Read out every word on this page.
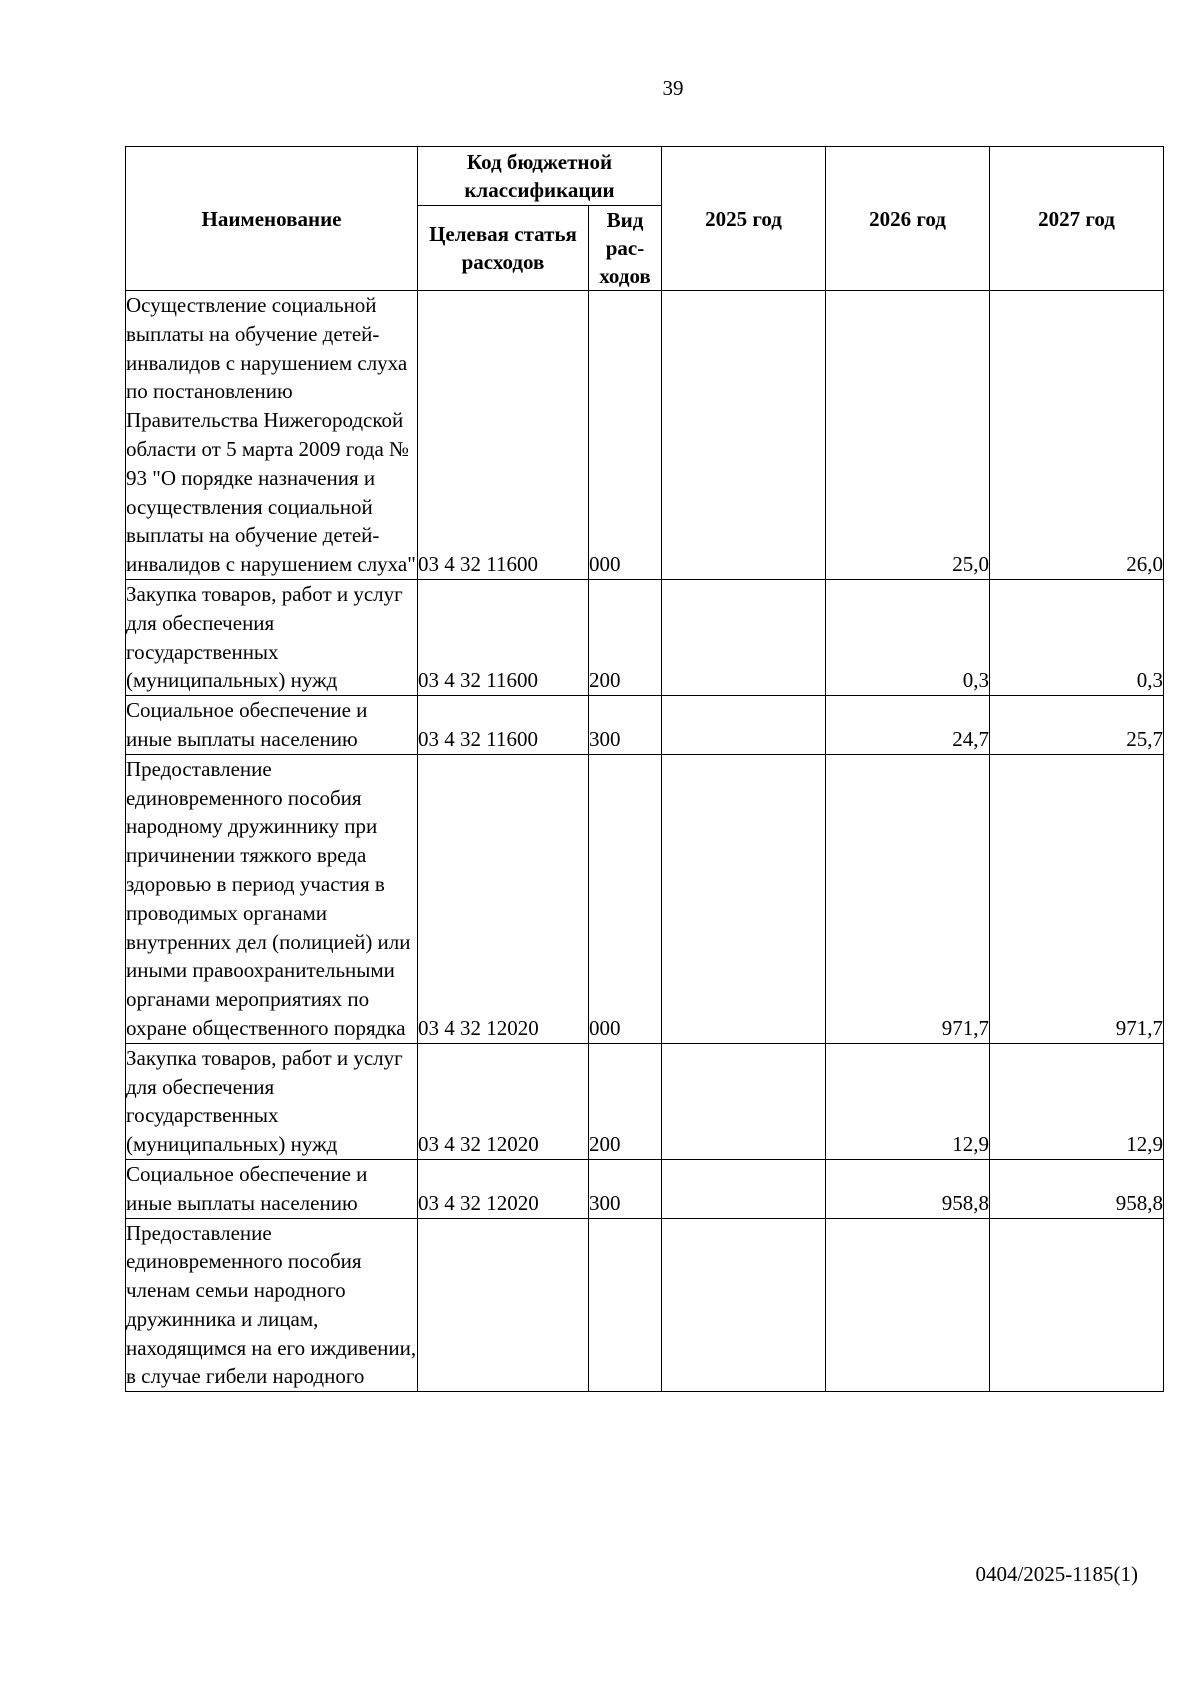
39
Наименование	Код бюджетной классификации		2025 год	2026 год	2027 год
	Целевая статья расходов	Вид рас-ходов			
Осуществление социальной выплаты на обучение детей-инвалидов с нарушением слуха по постановлению Правительства Нижегородской области от 5 марта 2009 года № 93 "О порядке назначения и осуществления социальной выплаты на обучение детей-инвалидов с нарушением слуха"	03 4 32 11600	000		25,0	26,0
Закупка товаров, работ и услуг для обеспечения государственных (муниципальных) нужд	03 4 32 11600	200		0,3	0,3
Социальное обеспечение и иные выплаты населению	03 4 32 11600	300		24,7	25,7
Предоставление единовременного пособия народному дружиннику при причинении тяжкого вреда здоровью в период участия в проводимых органами внутренних дел (полицией) или иными правоохранительными органами мероприятиях по охране общественного порядка	03 4 32 12020	000		971,7	971,7
Закупка товаров, работ и услуг для обеспечения государственных (муниципальных) нужд	03 4 32 12020	200		12,9	12,9
Социальное обеспечение и иные выплаты населению	03 4 32 12020	300		958,8	958,8
Предоставление единовременного пособия членам семьи народного дружинника и лицам, находящимся на его иждивении, в случае гибели народного					
0404/2025-1185(1)
